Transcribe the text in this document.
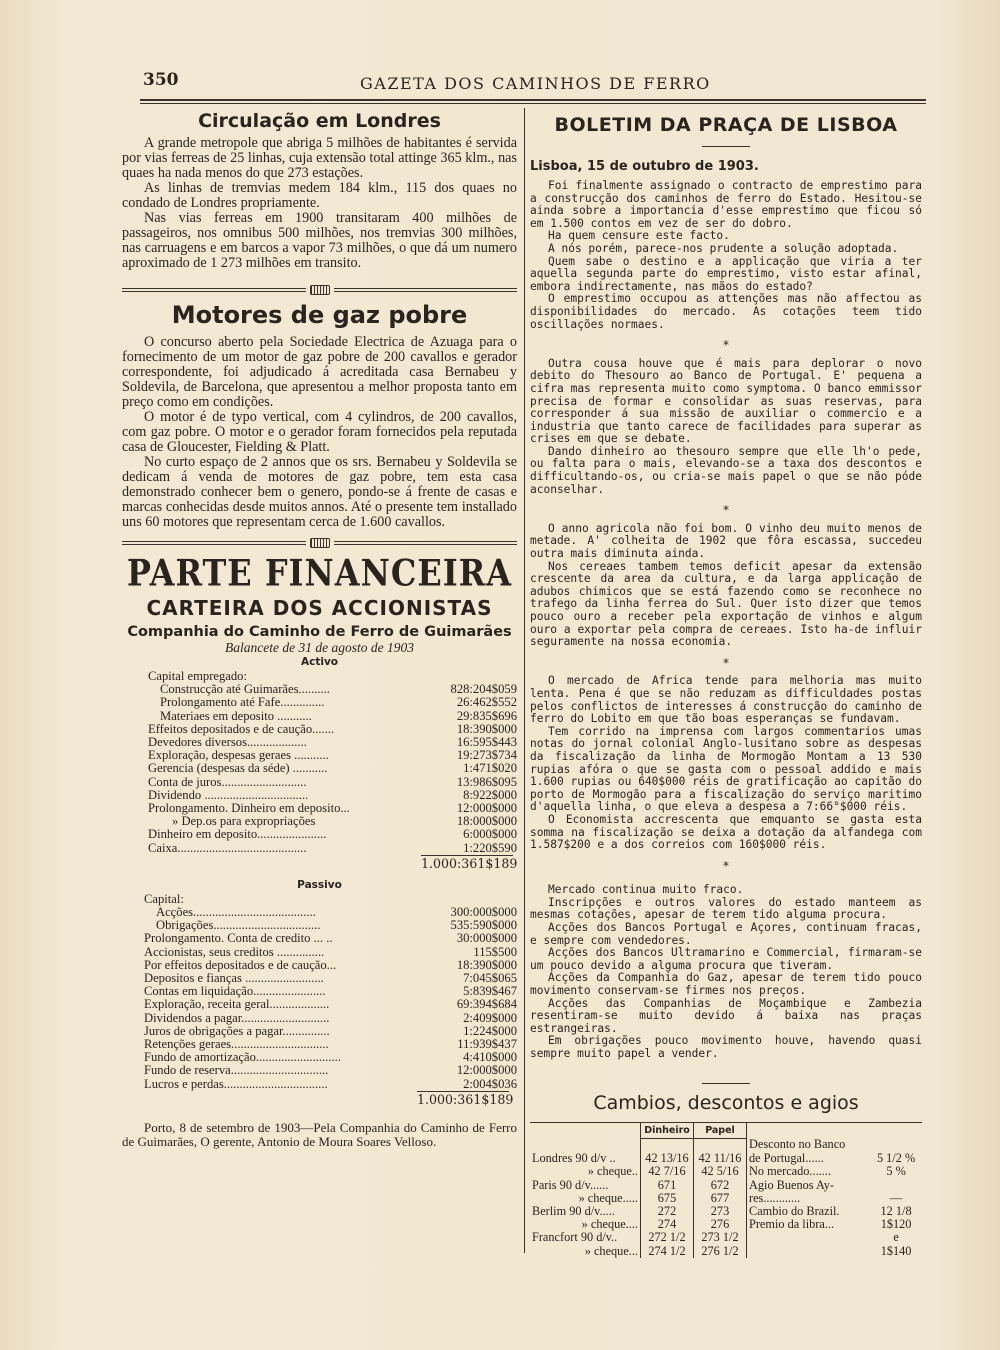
350	GAZETA DOS CAMINHOS DE FERRO
Circulação em Londres

A grande metropole que abriga 5 milhões de habitantes é servida por vias ferreas de 25 linhas, cuja extensão total attinge 365 klm., nas quaes ha nada menos do que 273 estações.

As linhas de tremvias medem 184 klm., 115 dos quaes no condado de Londres propriamente.

Nas vias ferreas em 1900 transitaram 400 milhões de passageiros, nos omnibus 500 milhões, nos tremvias 300 milhões, nas carruagens e em barcos a vapor 73 milhões, o que dá um numero aproximado de 1 273 milhões em transito.

Motores de gaz pobre

O concurso aberto pela Sociedade Electrica de Azuaga para o fornecimento de um motor de gaz pobre de 200 cavallos e gerador correspondente, foi adjudicado á acreditada casa Bernabeu y Soldevila, de Barcelona, que apresentou a melhor proposta tanto em preço como em condições.

O motor é de typo vertical, com 4 cylindros, de 200 cavallos, com gaz pobre. O motor e o gerador foram fornecidos pela reputada casa de Gloucester, Fielding & Platt.

No curto espaço de 2 annos que os srs. Bernabeu y Soldevila se dedicam á venda de motores de gaz pobre, tem esta casa demonstrado conhecer bem o genero, pondo-se á frente de casas e marcas conhecidas desde muitos annos. Até o presente tem installado uns 60 motores que representam cerca de 1.600 cavallos.

PARTE FINANCEIRA
CARTEIRA DOS ACCIONISTAS
Companhia do Caminho de Ferro de Guimarães
Balancete de 31 de agosto de 1903
Activo
Capital empregado:
Construcção até Guimarães..........	828:204$059
Prolongamento até Fafe..............	26:462$552
Materiaes em deposito ...........	29:835$696
Effeitos depositados e de caução.......	18:390$000
Devedores diversos...................	16:595$443
Exploração, despesas geraes ...........	19:273$734
Gerencia (despesas da séde) ...........	1:471$020
Conta de juros...........................	13:986$095
Dividendo .................................	8:922$000
Prolongamento. Dinheiro em deposito...	12:000$000
» Dep.os para expropriações	18:000$000
Dinheiro em deposito......................	6:000$000
Caixa.........................................	1:220$590
1.000:361$189
Passivo
Capital:
Acções.......................................	300:000$000
Obrigações..................................	535:590$000
Prolongamento. Conta de credito ... ..	30:000$000
Accionistas, seus creditos ...............	115$500
Por effeitos depositados e de caução...	18:390$000
Depositos e fianças .........................	7:045$065
Contas em liquidação.......................	5:839$467
Exploração, receita geral...................	69:394$684
Dividendos a pagar............................	2:409$000
Juros de obrigações a pagar...............	1:224$000
Retenções geraes...............................	11:939$437
Fundo de amortização...........................	4:410$000
Fundo de reserva...............................	12:000$000
Lucros e perdas.................................	2:004$036
1.000:361$189

Porto, 8 de setembro de 1903—Pela Companhia do Caminho de Ferro de Guimarães, O gerente, Antonio de Moura Soares Velloso.

BOLETIM DA PRAÇA DE LISBOA
Lisboa, 15 de outubro de 1903.

Foi finalmente assignado o contracto de emprestimo para a construcção dos caminhos de ferro do Estado. Hesitou-se ainda sobre a importancia d'esse emprestimo que ficou só em 1.500 contos em vez de ser do dobro.

Ha quem censure este facto.

A nós porém, parece-nos prudente a solução adoptada.

Quem sabe o destino e a applicação que viria a ter aquella segunda parte do emprestimo, visto estar afinal, embora indirectamente, nas mãos do estado?

O emprestimo occupou as attenções mas não affectou as disponibilidades do mercado. As cotações teem tido oscillações normaes.

*

Outra cousa houve que é mais para deplorar o novo debito do Thesouro ao Banco de Portugal. E' pequena a cifra mas representa muito como symptoma. O banco emmissor precisa de formar e consolidar as suas reservas, para corresponder á sua missão de auxiliar o commercio e a industria que tanto carece de facilidades para superar as crises em que se debate.

Dando dinheiro ao thesouro sempre que elle lh'o pede, ou falta para o mais, elevando-se a taxa dos descontos e difficultando-os, ou cria-se mais papel o que se não póde aconselhar.

*

O anno agricola não foi bom. O vinho deu muito menos de metade. A' colheita de 1902 que fôra escassa, succedeu outra mais diminuta ainda.

Nos cereaes tambem temos deficit apesar da extensão crescente da area da cultura, e da larga applicação de adubos chimicos que se está fazendo como se reconhece no trafego da linha ferrea do Sul. Quer isto dizer que temos pouco ouro a receber pela exportação de vinhos e algum ouro a exportar pela compra de cereaes. Isto ha-de influir seguramente na nossa economia.

*

O mercado de Africa tende para melhoria mas muito lenta. Pena é que se não reduzam as difficuldades postas pelos conflictos de interesses á construcção do caminho de ferro do Lobito em que tão boas esperanças se fundavam.

Tem corrido na imprensa com largos commentarios umas notas do jornal colonial Anglo-lusitano sobre as despesas da fiscalização da linha de Mormogão Montam a 13 530 rupias afóra o que se gasta com o pessoal addido e mais 1.600 rupias ou 640$000 réis de gratificação ao capitão do porto de Mormogão para a fiscalização do serviço maritimo d'aquella linha, o que eleva a despesa a 7:66°$000 réis.

O Economista accrescenta que emquanto se gasta esta somma na fiscalização se deixa a dotação da alfandega com 1.587$200 e a dos correios com 160$000 réis.

*

Mercado continua muito fraco.

Inscripções e outros valores do estado manteem as mesmas cotações, apesar de terem tido alguma procura.

Acções dos Bancos Portugal e Açores, continuam fracas, e sempre com vendedores.

Acções dos Bancos Ultramarino e Commercial, firmaram-se um pouco devido a alguma procura que tiveram.

Acções da Companhia do Gaz, apesar de terem tido pouco movimento conservam-se firmes nos preços.

Acções das Companhias de Moçambique e Zambezia resentiram-se muito devido á baixa nas praças estrangeiras.

Em obrigações pouco movimento houve, havendo quasi sempre muito papel a vender.

Cambios, descontos e agios
	Dinheiro	Papel		
			Desconto no Banco	
Londres 90 d/v ..	42 13/16	42 11/16	de Portugal......	5 1/2 %
» cheque..	42 7/16	42 5/16	No mercado.......	5 %
Paris 90 d/v......	671	672	Agio Buenos Ay-	
» cheque.....	675	677	res............	—
Berlim 90 d/v.....	272	273	Cambio do Brazil.	12 1/8
» cheque....	274	276	Premio da libra...	1$120
Francfort 90 d/v..	272 1/2	273 1/2		e
» cheque...	274 1/2	276 1/2		1$140
